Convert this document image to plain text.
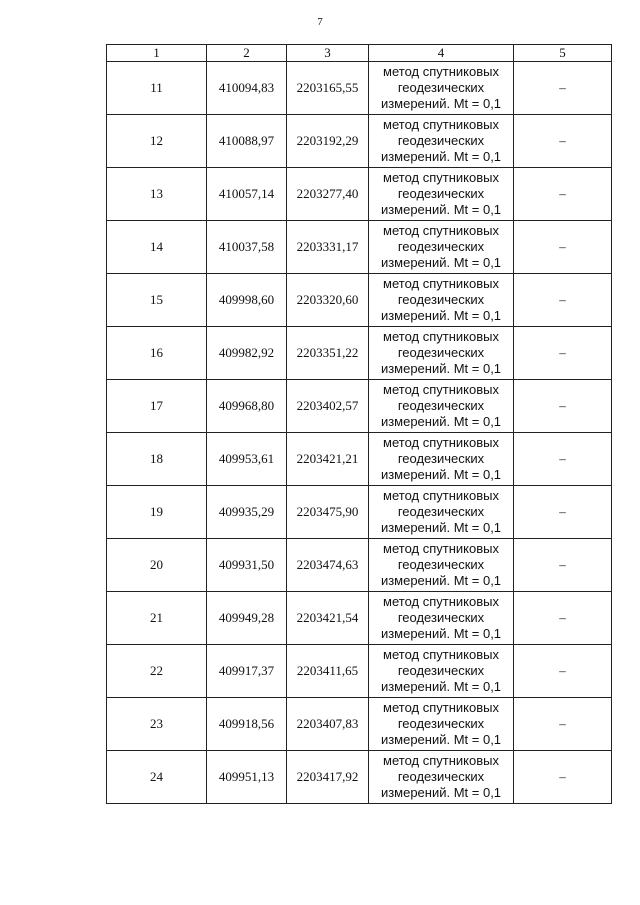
7
1	2	3	4	5
11	410094,83	2203165,55	метод спутниковых
геодезических
измерений. Mt = 0,1	–
12	410088,97	2203192,29	метод спутниковых
геодезических
измерений. Mt = 0,1	–
13	410057,14	2203277,40	метод спутниковых
геодезических
измерений. Mt = 0,1	–
14	410037,58	2203331,17	метод спутниковых
геодезических
измерений. Mt = 0,1	–
15	409998,60	2203320,60	метод спутниковых
геодезических
измерений. Mt = 0,1	–
16	409982,92	2203351,22	метод спутниковых
геодезических
измерений. Mt = 0,1	–
17	409968,80	2203402,57	метод спутниковых
геодезических
измерений. Mt = 0,1	–
18	409953,61	2203421,21	метод спутниковых
геодезических
измерений. Mt = 0,1	–
19	409935,29	2203475,90	метод спутниковых
геодезических
измерений. Mt = 0,1	–
20	409931,50	2203474,63	метод спутниковых
геодезических
измерений. Mt = 0,1	–
21	409949,28	2203421,54	метод спутниковых
геодезических
измерений. Mt = 0,1	–
22	409917,37	2203411,65	метод спутниковых
геодезических
измерений. Mt = 0,1	–
23	409918,56	2203407,83	метод спутниковых
геодезических
измерений. Mt = 0,1	–
24	409951,13	2203417,92	метод спутниковых
геодезических
измерений. Mt = 0,1	–
